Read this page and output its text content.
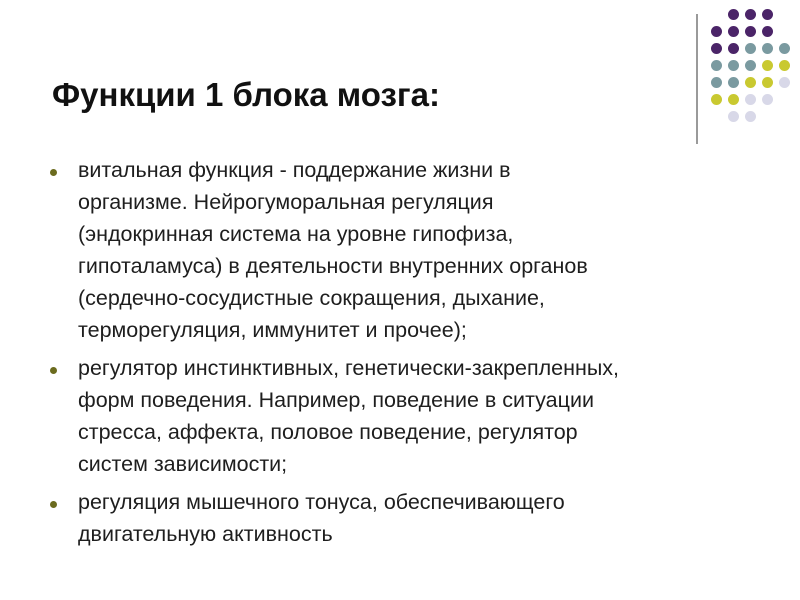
Функции 1 блока мозга:
витальная функция - поддержание жизни в
организме. Нейрогуморальная регуляция
(эндокринная система на уровне гипофиза,
гипоталамуса) в деятельности внутренних органов
(сердечно-сосудистные сокращения, дыхание,
терморегуляция, иммунитет и прочее);
регулятор инстинктивных, генетически-закрепленных,
форм поведения. Например, поведение в ситуации
стресса, аффекта, половое поведение, регулятор
систем зависимости;
регуляция мышечного тонуса, обеспечивающего
двигательную активность
